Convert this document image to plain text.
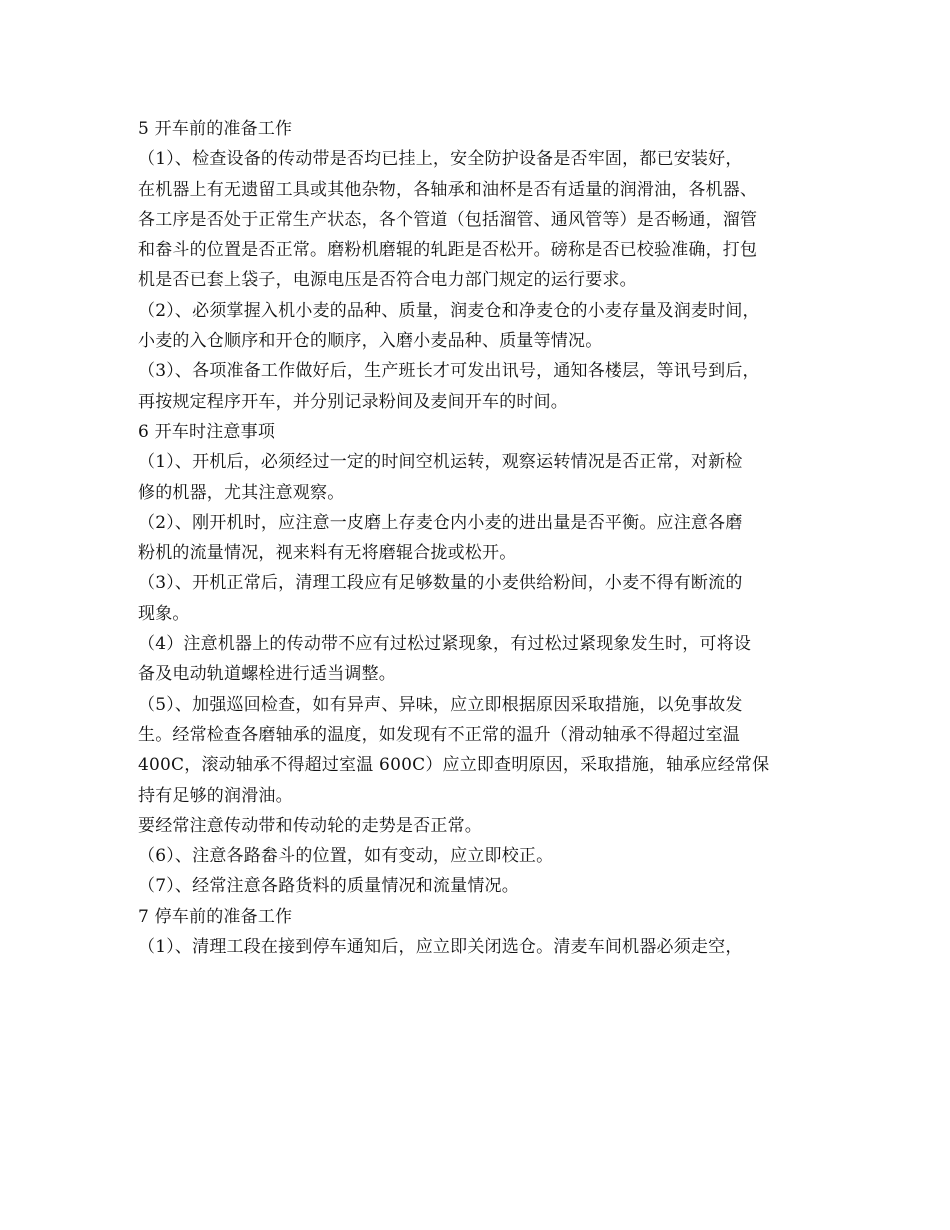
5 开车前的准备工作

（1）、检查设备的传动带是否均已挂上，安全防护设备是否牢固，都已安装好，

在机器上有无遗留工具或其他杂物，各轴承和油杯是否有适量的润滑油，各机器、

各工序是否处于正常生产状态，各个管道（包括溜管、通风管等）是否畅通，溜管

和畚斗的位置是否正常。磨粉机磨辊的轧距是否松开。磅称是否已校验准确，打包

机是否已套上袋子，电源电压是否符合电力部门规定的运行要求。

（2）、必须掌握入机小麦的品种、质量，润麦仓和净麦仓的小麦存量及润麦时间，

小麦的入仓顺序和开仓的顺序，入磨小麦品种、质量等情况。

（3）、各项准备工作做好后，生产班长才可发出讯号，通知各楼层，等讯号到后，

再按规定程序开车，并分别记录粉间及麦间开车的时间。

6 开车时注意事项

（1）、开机后，必须经过一定的时间空机运转，观察运转情况是否正常，对新检

修的机器，尤其注意观察。

（2）、刚开机时，应注意一皮磨上存麦仓内小麦的进出量是否平衡。应注意各磨

粉机的流量情况，视来料有无将磨辊合拢或松开。

（3）、开机正常后，清理工段应有足够数量的小麦供给粉间，小麦不得有断流的

现象。

（4）注意机器上的传动带不应有过松过紧现象，有过松过紧现象发生时，可将设

备及电动轨道螺栓进行适当调整。

（5）、加强巡回检查，如有异声、异味，应立即根据原因采取措施，以免事故发

生。经常检查各磨轴承的温度，如发现有不正常的温升（滑动轴承不得超过室温

400C，滚动轴承不得超过室温 600C）应立即查明原因，采取措施，轴承应经常保

持有足够的润滑油。

要经常注意传动带和传动轮的走势是否正常。

（6）、注意各路畚斗的位置，如有变动，应立即校正。

（7）、经常注意各路货料的质量情况和流量情况。

7 停车前的准备工作

（1）、清理工段在接到停车通知后，应立即关闭选仓。清麦车间机器必须走空，
